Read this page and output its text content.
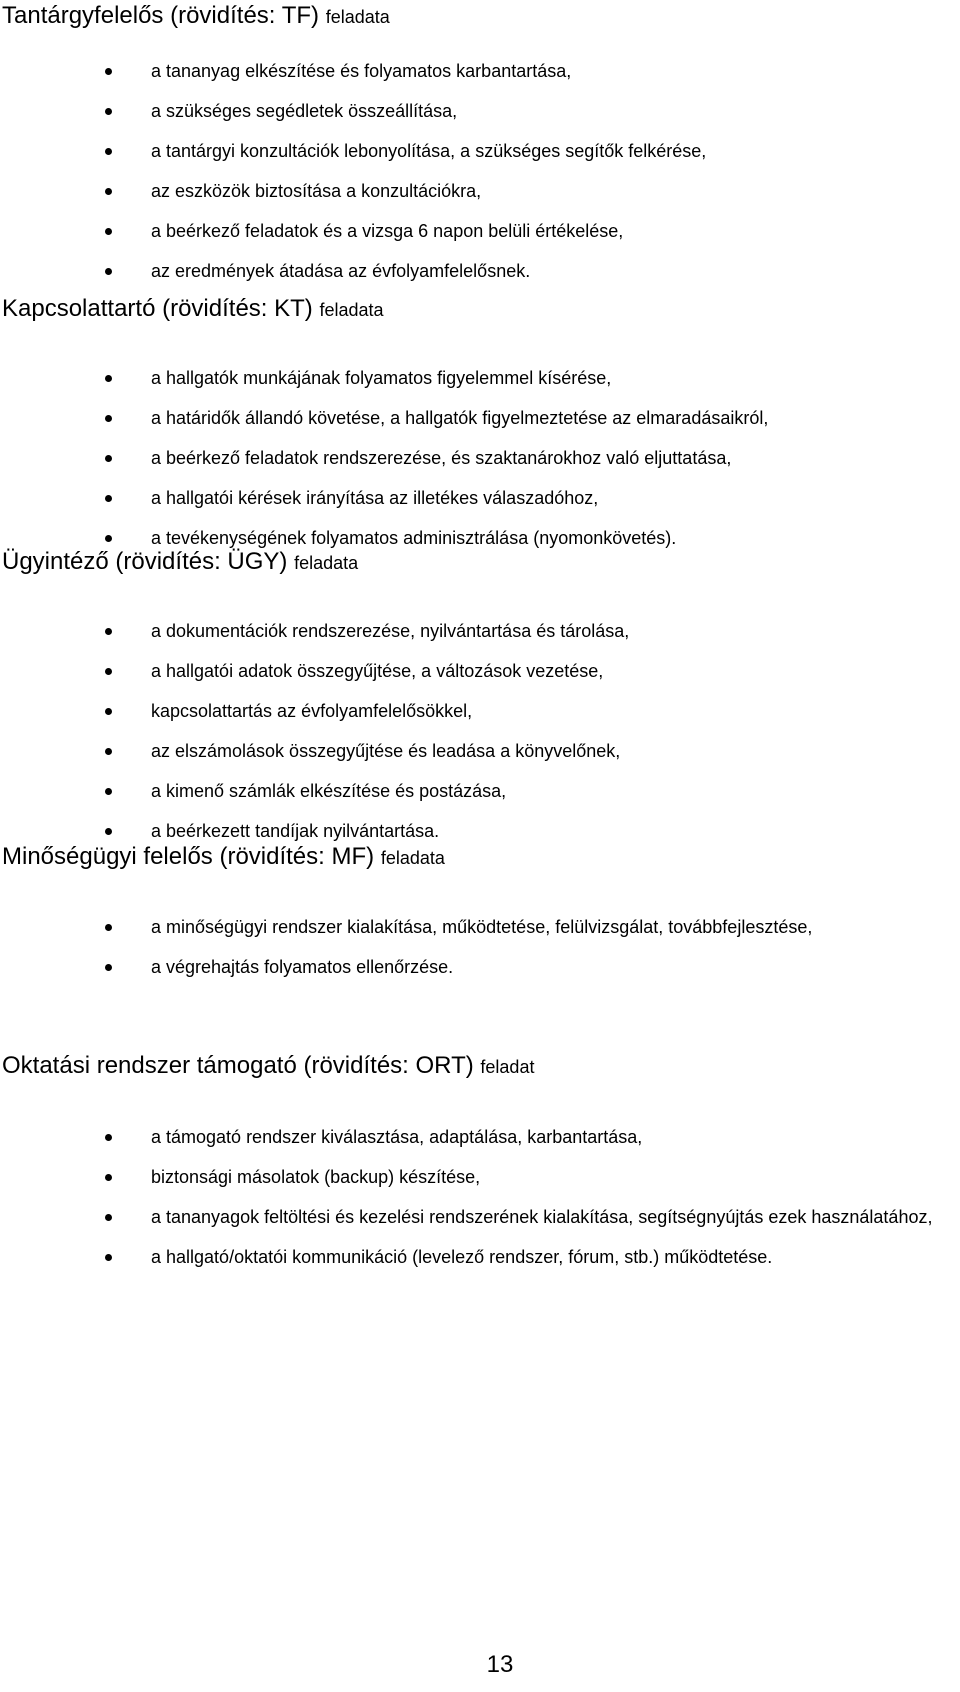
Tantárgyfelelős (rövidítés: TF) feladata
a tananyag elkészítése és folyamatos karbantartása,
a szükséges segédletek összeállítása,
a tantárgyi konzultációk lebonyolítása, a szükséges segítők felkérése,
az eszközök biztosítása a konzultációkra,
a beérkező feladatok és a vizsga 6 napon belüli értékelése,
az eredmények átadása az évfolyamfelelősnek.
Kapcsolattartó (rövidítés: KT) feladata
a hallgatók munkájának folyamatos figyelemmel kísérése,
a határidők állandó követése, a hallgatók figyelmeztetése az elmaradásaikról,
a beérkező feladatok rendszerezése, és szaktanárokhoz való eljuttatása,
a hallgatói kérések irányítása az illetékes válaszadóhoz,
a tevékenységének folyamatos adminisztrálása (nyomonkövetés).
Ügyintéző (rövidítés: ÜGY) feladata
a dokumentációk rendszerezése, nyilvántartása és tárolása,
a hallgatói adatok összegyűjtése, a változások vezetése,
kapcsolattartás az évfolyamfelelősökkel,
az elszámolások összegyűjtése és leadása a könyvelőnek,
a kimenő számlák elkészítése és postázása,
a beérkezett tandíjak nyilvántartása.
Minőségügyi felelős (rövidítés: MF) feladata
a minőségügyi rendszer kialakítása, működtetése, felülvizsgálat, továbbfejlesztése,
a végrehajtás folyamatos ellenőrzése.
Oktatási rendszer támogató (rövidítés: ORT) feladat
a támogató rendszer kiválasztása, adaptálása, karbantartása,
biztonsági másolatok (backup) készítése,
a tananyagok feltöltési és kezelési rendszerének kialakítása, segítségnyújtás ezek használatához,
a hallgató/oktatói kommunikáció (levelező rendszer, fórum, stb.) működtetése.
13
